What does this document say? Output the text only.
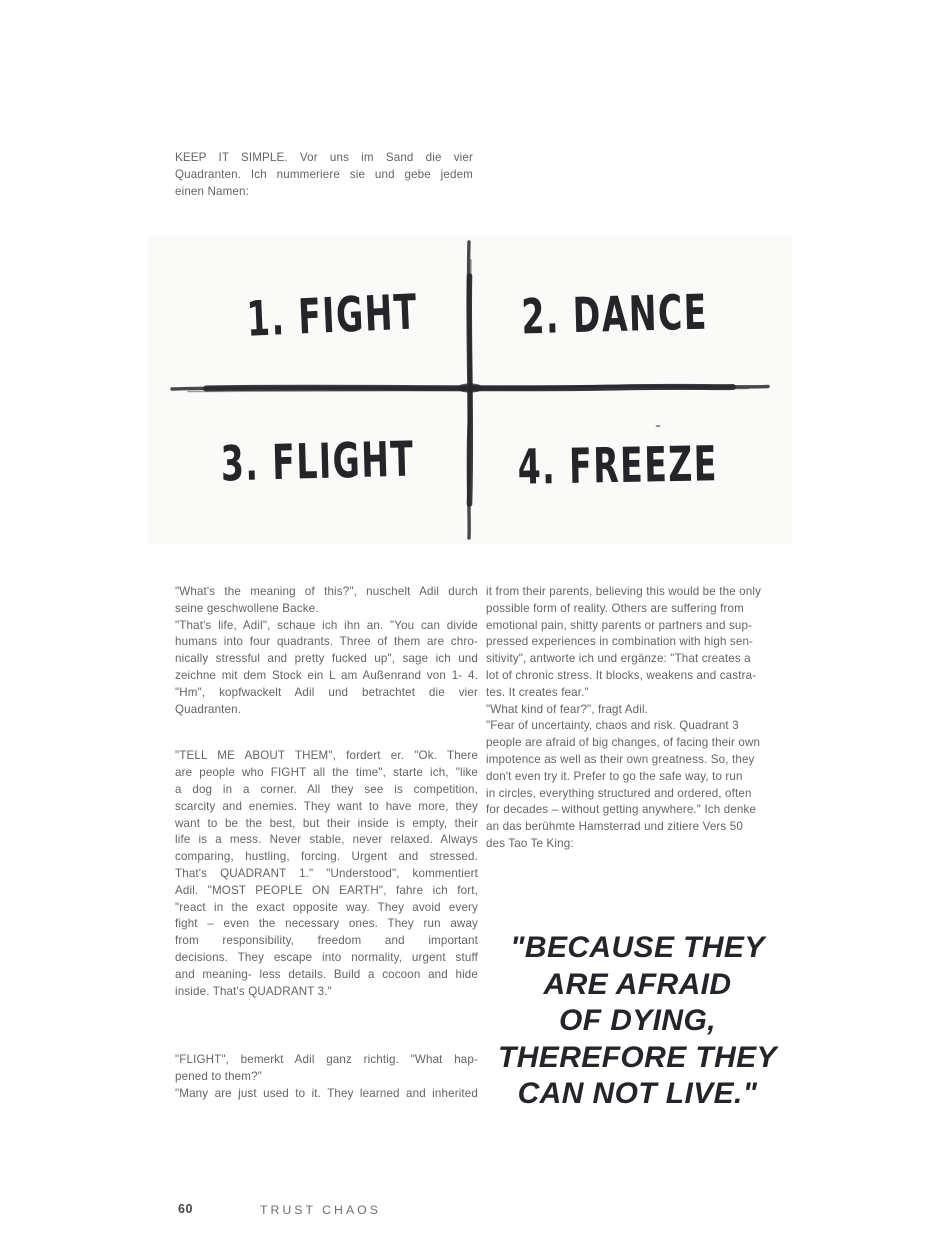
KEEP IT SIMPLE. Vor uns im Sand die vier
Quadranten. Ich nummeriere sie und gebe jedem
einen Namen:
1. FIGHT 2. DANCE
3. FLIGHT 4. FREEZE
"What's the meaning of this?", nuschelt Adil durch
seine geschwollene Backe.
"That's life, Adil", schaue ich ihn an. "You can divide
humans into four quadrants. Three of them are chro-
nically stressful and pretty fucked up", sage ich und
zeichne mit dem Stock ein L am Außenrand von 1- 4.
"Hm", kopfwackelt Adil und betrachtet die vier
Quadranten.
"TELL ME ABOUT THEM", fordert er. "Ok. There
are people who FIGHT all the time", starte ich, "like
a dog in a corner. All they see is competition,
scarcity and enemies. They want to have more, they
want to be the best, but their inside is empty, their
life is a mess. Never stable, never relaxed. Always
comparing, hustling, forcing. Urgent and stressed.
That's QUADRANT 1." "Understood", kommentiert
Adil. "MOST PEOPLE ON EARTH", fahre ich fort,
"react in the exact opposite way. They avoid every
fight – even the necessary ones. They run away
from responsibility, freedom and important
decisions. They escape into normality, urgent stuff
and meaning- less details. Build a cocoon and hide
inside. That's QUADRANT 3."
"FLIGHT", bemerkt Adil ganz richtig. "What hap-
pened to them?"
"Many are just used to it. They learned and inherited
it from their parents, believing this would be the only
possible form of reality. Others are suffering from
emotional pain, shitty parents or partners and sup-
pressed experiences in combination with high sen-
sitivity", antworte ich und ergänze: "That creates a
lot of chronic stress. It blocks, weakens and castra-
tes. It creates fear."
"What kind of fear?", fragt Adil.
"Fear of uncertainty, chaos and risk. Quadrant 3
people are afraid of big changes, of facing their own
impotence as well as their own greatness. So, they
don't even try it. Prefer to go the safe way, to run
in circles, everything structured and ordered, often
for decades – without getting anywhere." Ich denke
an das berühmte Hamsterrad und zitiere Vers 50
des Tao Te King:
"BECAUSE THEY
ARE AFRAID
OF DYING,
THEREFORE THEY
CAN NOT LIVE."
60	TRUST CHAOS
